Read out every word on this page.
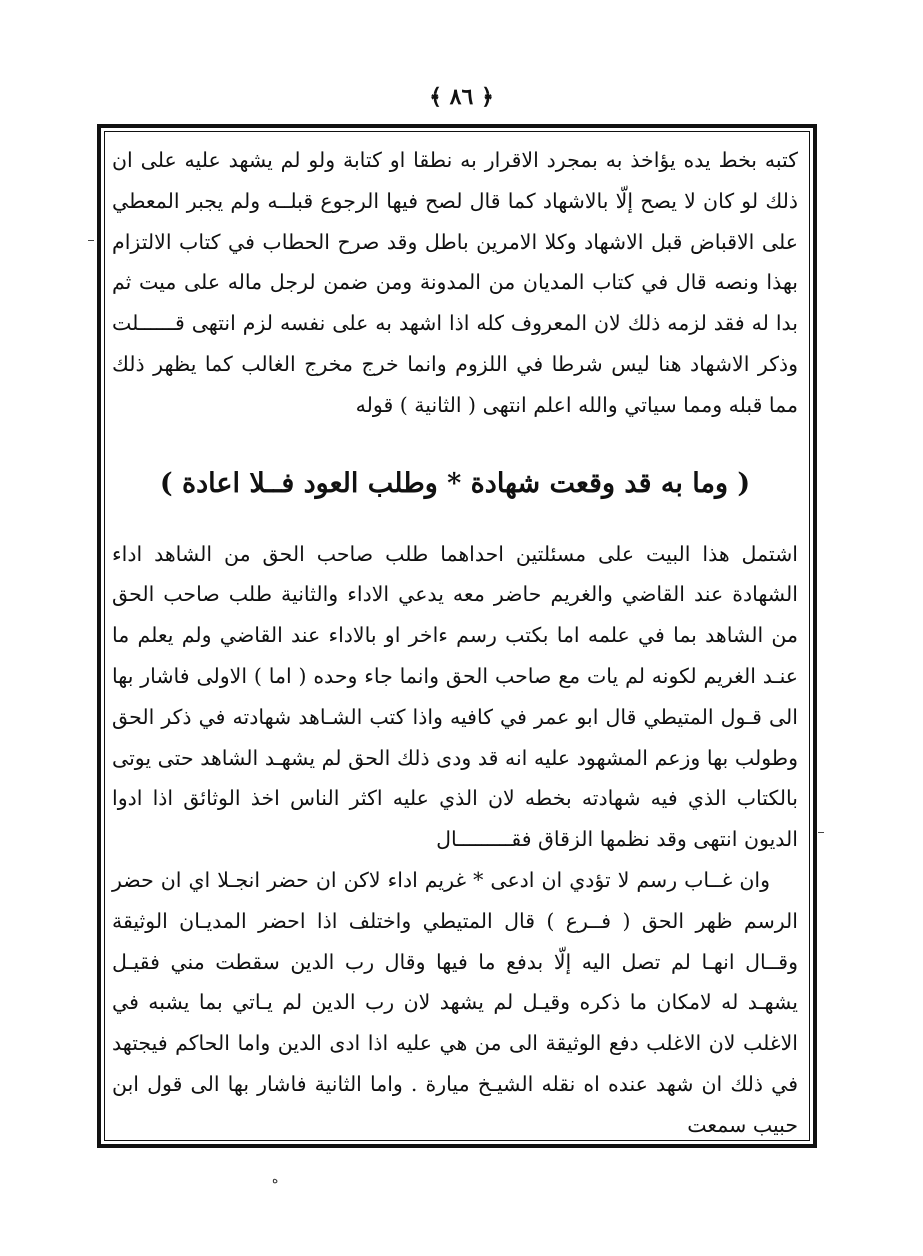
﴿ ٨٦ ﴾

كتبه بخط يده يؤاخذ به بمجرد الاقرار به نطقا او كتابة ولو لم يشهد عليه على ان ذلك لو كان لا يصح إلّا بالاشهاد كما قال لصح فيها الرجوع قبلــه ولم يجبر المعطي على الاقباض قبل الاشهاد وكلا الامرين باطل وقد صرح الحطاب في كتاب الالتزام بهذا ونصه قال في كتاب المديان من المدونة ومن ضمن لرجل ماله على ميت ثم بدا له فقد لزمه ذلك لان المعروف كله اذا اشهد به على نفسه لزم انتهى قــــــلت وذكر الاشهاد هنا ليس شرطا في اللزوم وانما خرج مخرج الغالب كما يظهر ذلك مما قبله ومما سياتي والله اعلم انتهى ( الثانية ) قوله

( وما به قد وقعت شهادة * وطلب العود فــلا اعادة )

اشتمل هذا البيت على مسئلتين احداهما طلب صاحب الحق من الشاهد اداء الشهادة عند القاضي والغريم حاضر معه يدعي الاداء والثانية طلب صاحب الحق من الشاهد بما في علمه اما بكتب رسم ءاخر او بالاداء عند القاضي ولم يعلم ما عنـد الغريم لكونه لم يات مع صاحب الحق وانما جاء وحده ( اما ) الاولى فاشار بها الى قـول المتيطي قال ابو عمر في كافيه واذا كتب الشـاهد شهادته في ذكر الحق وطولب بها وزعم المشهود عليه انه قد ودى ذلك الحق لم يشهـد الشاهد حتى يوتى بالكتاب الذي فيه شهادته بخطه لان الذي عليه اكثر الناس اخذ الوثائق اذا ادوا الديون انتهى وقد نظمها الزقاق فقـــــــــال

وان غــاب رسم لا تؤدي ان ادعى * غريم اداء لاكن ان حضر انجـلا اي ان حضر الرسم ظهر الحق ( فــرع ) قال المتيطي واختلف اذا احضر المديـان الوثيقة وقــال انهـا لم تصل اليه إلّا بدفع ما فيها وقال رب الدين سقطت مني فقيـل يشهـد له لامكان ما ذكره وقيـل لم يشهد لان رب الدين لم يـاتي بما يشبه في الاغلب لان الاغلب دفع الوثيقة الى من هي عليه اذا ادى الدين واما الحاكم فيجتهد في ذلك ان شهد عنده اه نقله الشيـخ ميارة . واما الثانية فاشار بها الى قول ابن حبيب سمعت

ه
